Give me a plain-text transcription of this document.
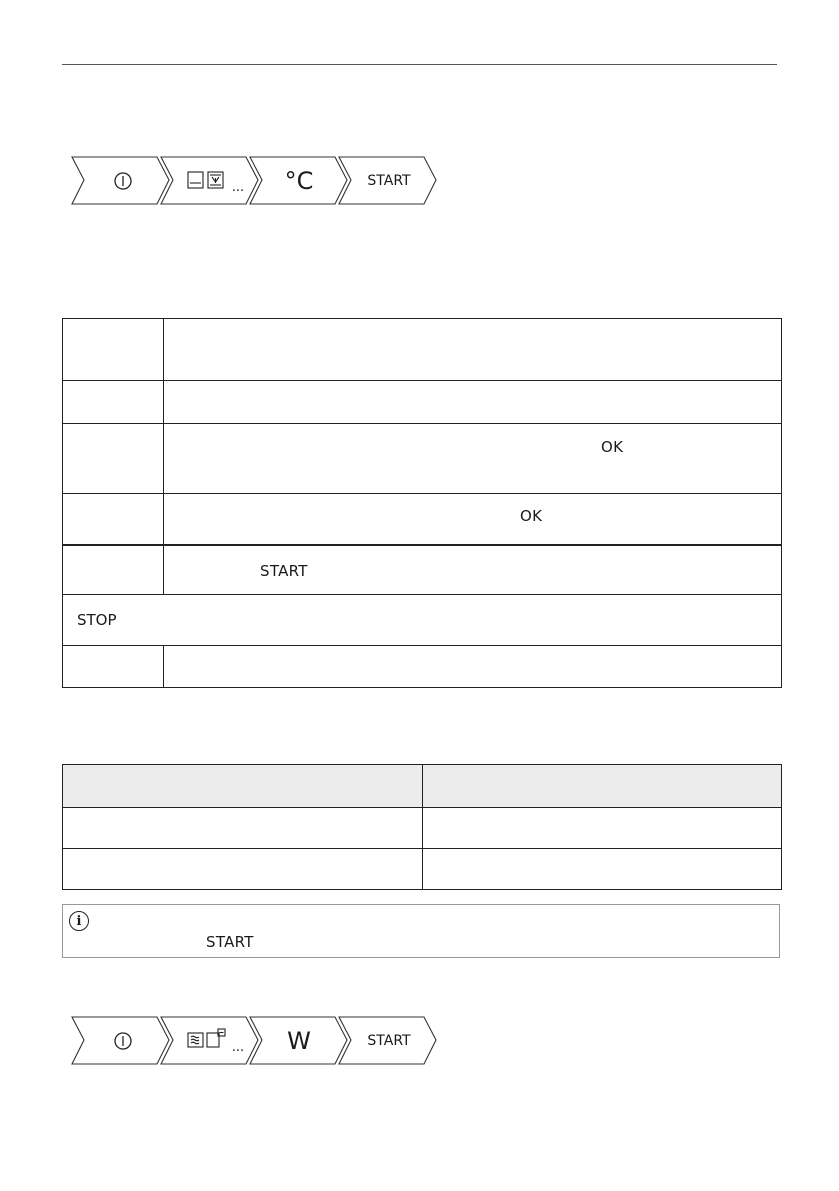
...	°C	START

	OK

	OK

	START

STOP	

i
START
...	W	START
